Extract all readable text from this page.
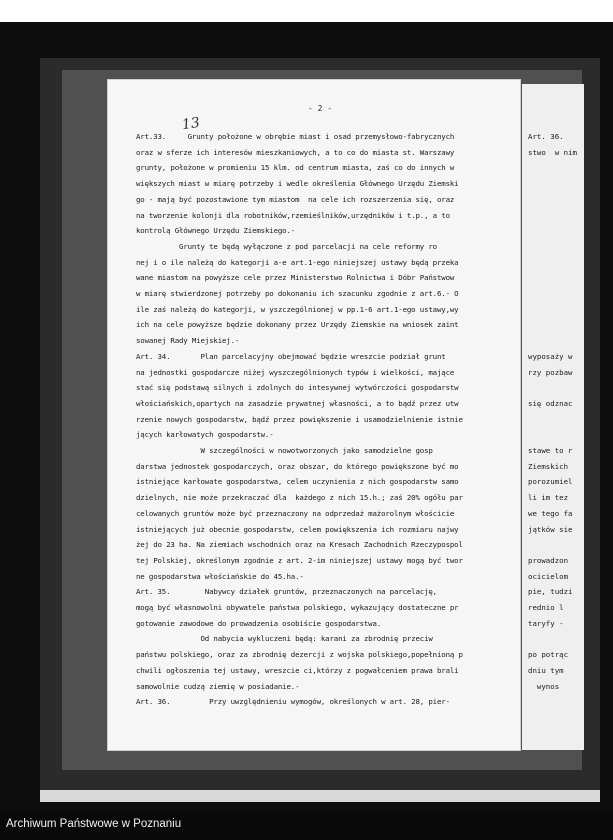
- 2 -
13
Art.33.     Grunty położone w obrębie miast i osad przemysłowo-fabrycznych
oraz w sferze ich interesów mieszkaniowych, a to co do miasta st. Warszawy
grunty, położone w promieniu 15 klm. od centrum miasta, zaś co do innych w
większych miast w miarę potrzeby i wedle określenia Głównego Urzędu Ziemski
go - mają być pozostawione tym miastom  na cele ich rozszerzenia się, oraz
na tworzenie kolonji dla robotników,rzemieślników,urzędników i t.p., a to
kontrolą Głównego Urzędu Ziemskiego.-
Grunty te będą wyłączone z pod parcelacji na cele reformy ro
nej i o ile należą do kategorji a-e art.1-ego niniejszej ustawy będą przeka
wane miastom na powyższe cele przez Ministerstwo Rolnictwa i Dóbr Państwow
w miarę stwierdzonej potrzeby po dokonaniu ich szacunku zgodnie z art.6.- O
ile zaś należą do kategorji, w yszczególnionej w pp.1-6 art.1-ego ustawy,wy
ich na cele powyższe będzie dokonany przez Urzędy Ziemskie na wniosek zaint
sowanej Rady Miejskiej.-
Art. 34.       Plan parcelacyjny obejmować będzie wreszcie podział grunt
na jednostki gospodarcze niżej wyszczególnionych typów i wielkości, mające
stać się podstawą silnych i zdolnych do intesywnej wytwórczości gospodarstw
włościańskich,opartych na zasadzie prywatnej własności, a to bądź przez utw
rzenie nowych gospodarstw, bądź przez powiększenie i usamodzielnienie istnie
jących karłowatych gospodarstw.-
W szczególności w nowotworzonych jako samodzielne gosp
darstwa jednostek gospodarczych, oraz obszar, do którego powiększone być mo
istniejące karłowate gospodarstwa, celem uczynienia z nich gospodarstw samo
dzielnych, nie może przekraczać dla  każdego z nich 15.h.; zaś 20% ogółu par
celowanych gruntów może być przeznaczony na odprzedaż mażorolnym włościcie
istniejących już obecnie gospodarstw, celem powiększenia ich rozmiaru najwy
żej do 23 ha. Na ziemiach wschodnich oraz na Kresach Zachodnich Rzeczypospol
tej Polskiej, określonym zgodnie z art. 2-im niniejszej ustawy mogą być twor
ne gospodarstwa włościańskie do 45.ha.-
Art. 35.        Nabywcy działek gruntów, przeznaczonych na parcelację,
mogą być własnowolni obywatele państwa polskiego, wykazujący dostateczne pr
gotowanie zawodowe do prowadzenia osobiście gospodarstwa.
Od nabycia wykluczeni będą: karani za zbrodnię przeciw
państwu polskiego, oraz za zbrodnię dezercji z wojska polskiego,popełnioną p
chwili ogłoszenia tej ustawy, wreszcie ci,którzy z pogwałceniem prawa brali
samowolnie cudzą ziemię w posiadanie.-
Art. 36.         Przy uwzględnieniu wymogów, określonych w art. 28, pier-
Art. 36.
stwo  w nim
wyposaży w
rzy pozbaw
się odznac
stawe to r
Ziemskich
porozumiel
li im tez
we tego fa
jątków sie
prowadzon
ocicielom
pie, tudzi
rednio l
taryfy -
po potrąc
dniu tym
wynos
Archiwum Państwowe w Poznaniu
